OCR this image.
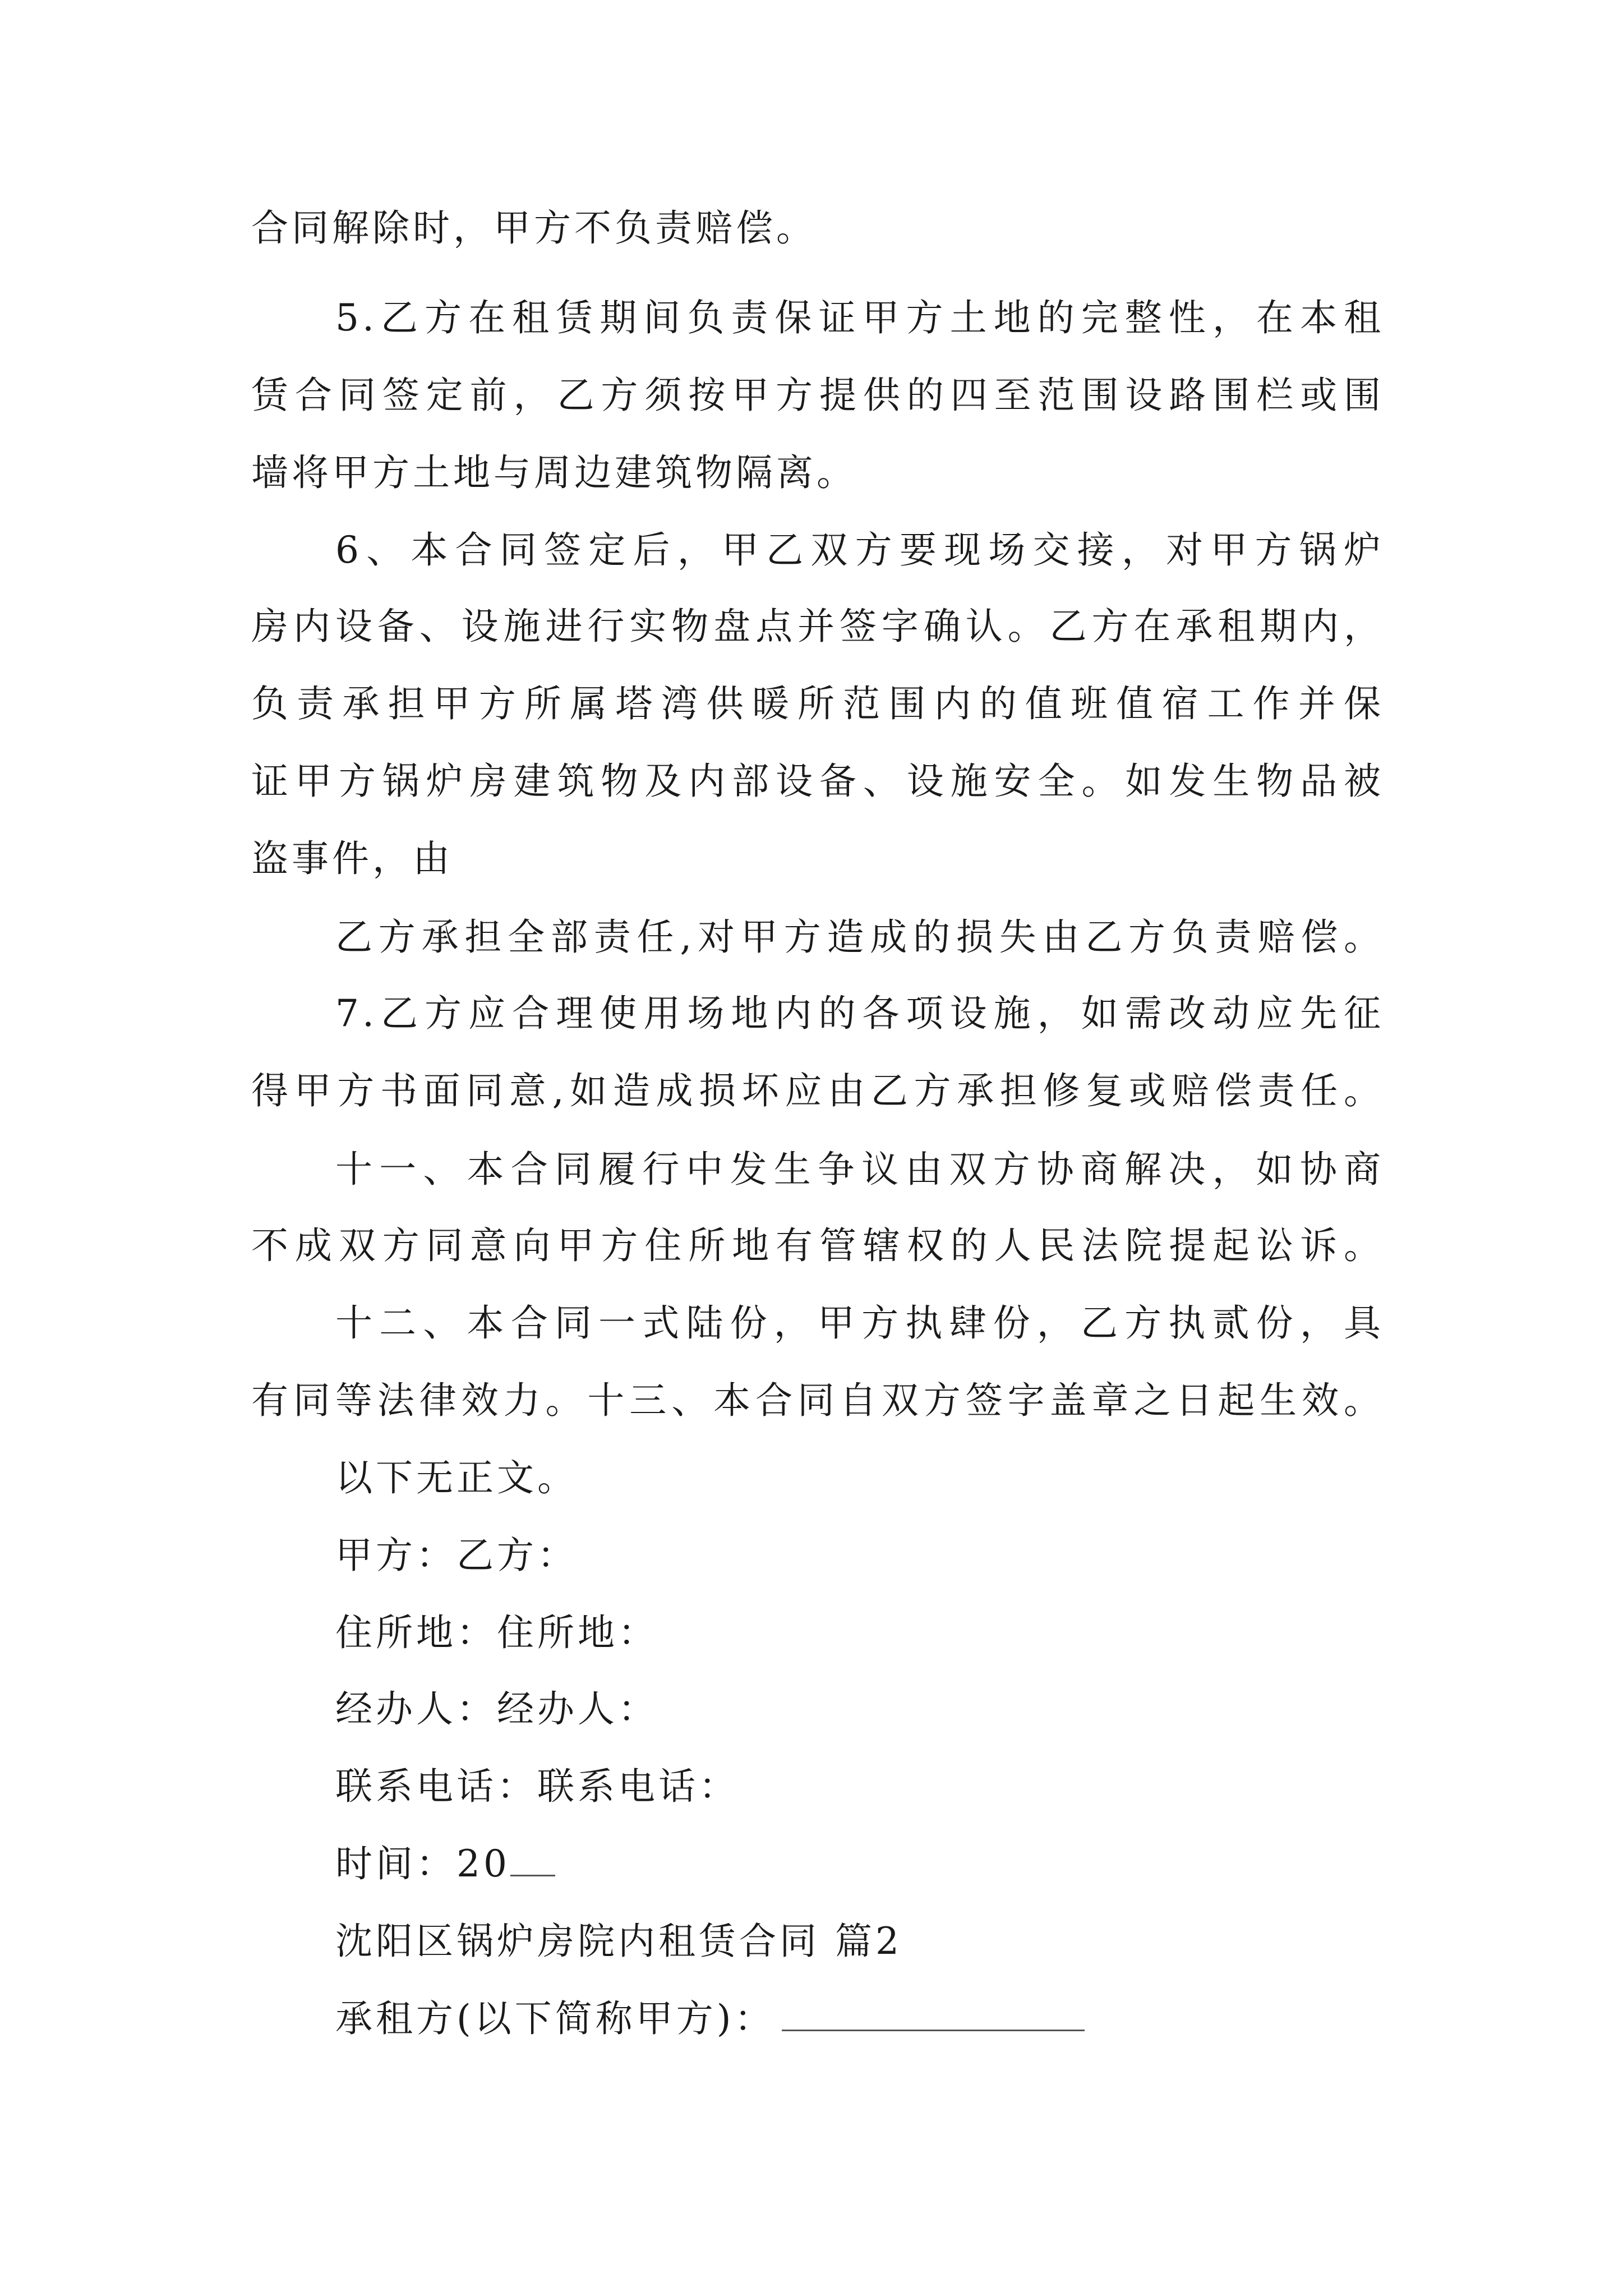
合同解除时，甲方不负责赔偿。
5.乙方在租赁期间负责保证甲方土地的完整性，在本租
赁合同签定前，乙方须按甲方提供的四至范围设路围栏或围
墙将甲方土地与周边建筑物隔离。
6、本合同签定后，甲乙双方要现场交接，对甲方锅炉
房内设备、设施进行实物盘点并签字确认。乙方在承租期内，
负责承担甲方所属塔湾供暖所范围内的值班值宿工作并保
证甲方锅炉房建筑物及内部设备、设施安全。如发生物品被
盗事件，由
乙方承担全部责任,对甲方造成的损失由乙方负责赔偿。
7.乙方应合理使用场地内的各项设施，如需改动应先征
得甲方书面同意,如造成损坏应由乙方承担修复或赔偿责任。
十一、本合同履行中发生争议由双方协商解决，如协商
不成双方同意向甲方住所地有管辖权的人民法院提起讼诉。
十二、本合同一式陆份，甲方执肆份，乙方执贰份，具
有同等法律效力。十三、本合同自双方签字盖章之日起生效。
以下无正文。
甲方：乙方：
住所地：住所地：
经办人：经办人：
联系电话：联系电话：
时间：20
沈阳区锅炉房院内租赁合同 篇2
承租方(以下简称甲方)：
